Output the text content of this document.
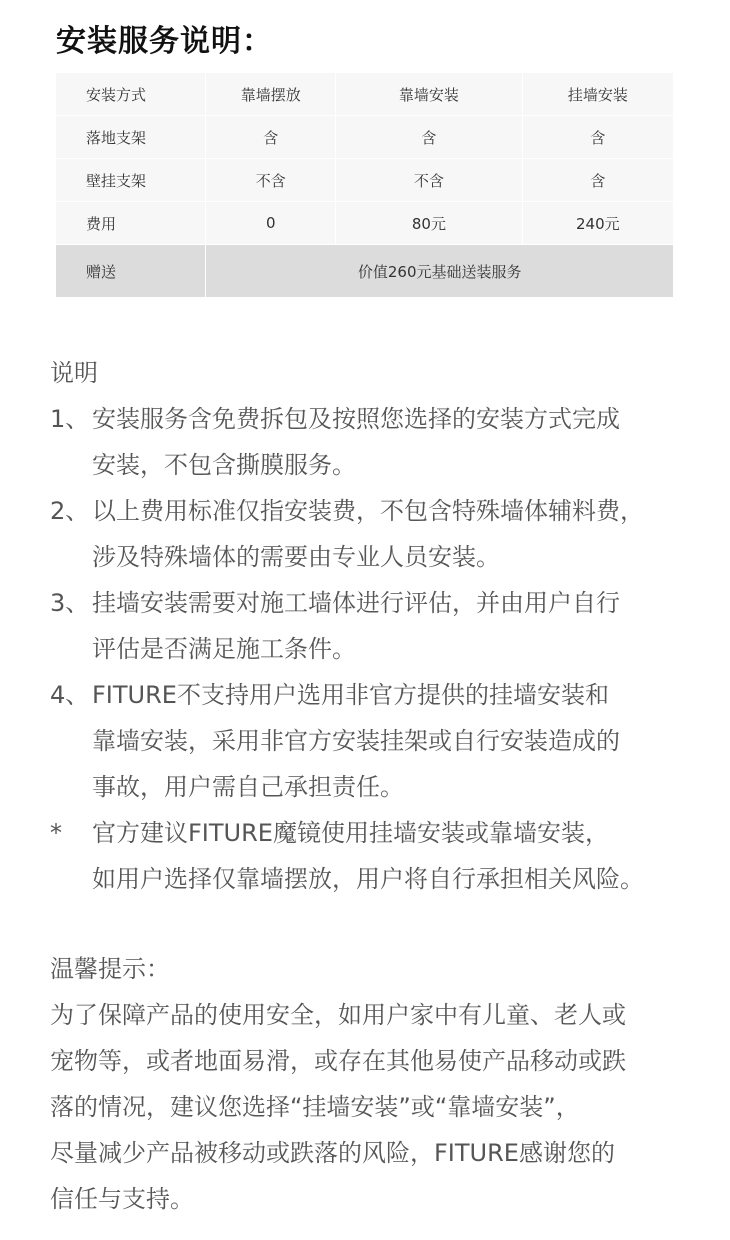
安装服务说明：
安装方式	靠墙摆放	靠墙安装	挂墙安装
落地支架	含	含	含
壁挂支架	不含	不含	含
费用	0	80元	240元
赠送	价值260元基础送装服务		
说明
1、 安装服务含免费拆包及按照您选择的安装方式完成
安装，不包含撕膜服务。
2、 以上费用标准仅指安装费，不包含特殊墙体辅料费，
涉及特殊墙体的需要由专业人员安装。
3、 挂墙安装需要对施工墙体进行评估，并由用户自行
评估是否满足施工条件。
4、 FITURE不支持用户选用非官方提供的挂墙安装和
靠墙安装，采用非官方安装挂架或自行安装造成的
事故，用户需自己承担责任。
*	官方建议FITURE魔镜使用挂墙安装或靠墙安装，
如用户选择仅靠墙摆放，用户将自行承担相关风险。
温馨提示：
为了保障产品的使用安全，如用户家中有儿童、老人或
宠物等，或者地面易滑，或存在其他易使产品移动或跌
落的情况，建议您选择“挂墙安装”或“靠墙安装”，
尽量减少产品被移动或跌落的风险，FITURE感谢您的
信任与支持。
